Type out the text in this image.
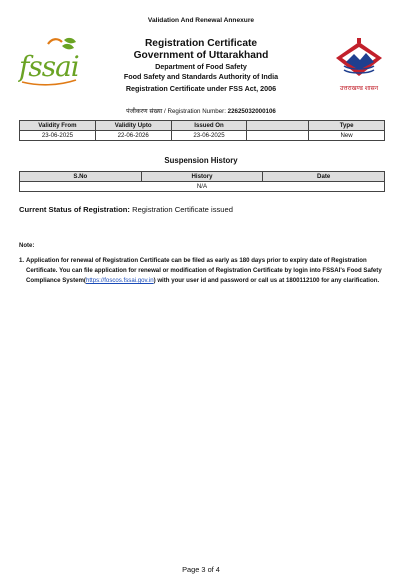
Validation And Renewal Annexure
fssai
उत्तराखण्ड शासन
Registration Certificate
Government of Uttarakhand
Department of Food Safety
Food Safety and Standards Authority of India
Registration Certificate under FSS Act, 2006
पंजीकरण संख्या / Registration Number: 22625032000106
Validity From	Validity Upto	Issued On		Type
23-06-2025	22-06-2026	23-06-2025		New
Suspension History
S.No	History	Date
N/A
Current Status of Registration: Registration Certificate issued
Note:
1. Application for renewal of Registration Certificate can be filed as early as 180 days prior to expiry date of Registration Certificate. You can file application for renewal or modification of Registration Certificate by login into FSSAI's Food Safety Compliance System(https://foscos.fssai.gov.in) with your user id and password or call us at 1800112100 for any clarification.
Page 3 of 4
